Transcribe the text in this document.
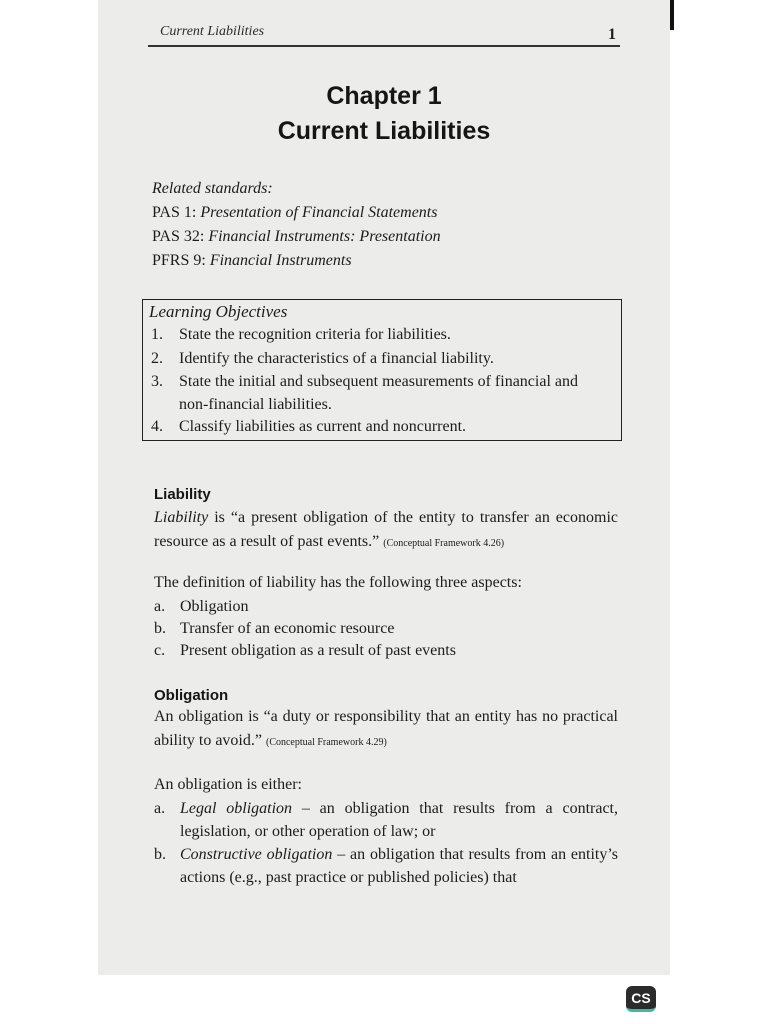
Current Liabilities	1
Chapter 1
Current Liabilities
Related standards:
PAS 1: Presentation of Financial Statements
PAS 32: Financial Instruments: Presentation
PFRS 9: Financial Instruments
Learning Objectives
1. State the recognition criteria for liabilities.
2. Identify the characteristics of a financial liability.
3. State the initial and subsequent measurements of financial and
non-financial liabilities.
4. Classify liabilities as current and noncurrent.
Liability
Liability is “a present obligation of the entity to transfer an economic resource as a result of past events.” (Conceptual Framework 4.26)
The definition of liability has the following three aspects:
a. Obligation
b. Transfer of an economic resource
c. Present obligation as a result of past events
Obligation
An obligation is “a duty or responsibility that an entity has no practical ability to avoid.” (Conceptual Framework 4.29)
An obligation is either:
a. Legal obligation – an obligation that results from a contract, legislation, or other operation of law; or
b. Constructive obligation – an obligation that results from an entity’s actions (e.g., past practice or published policies) that
CS
